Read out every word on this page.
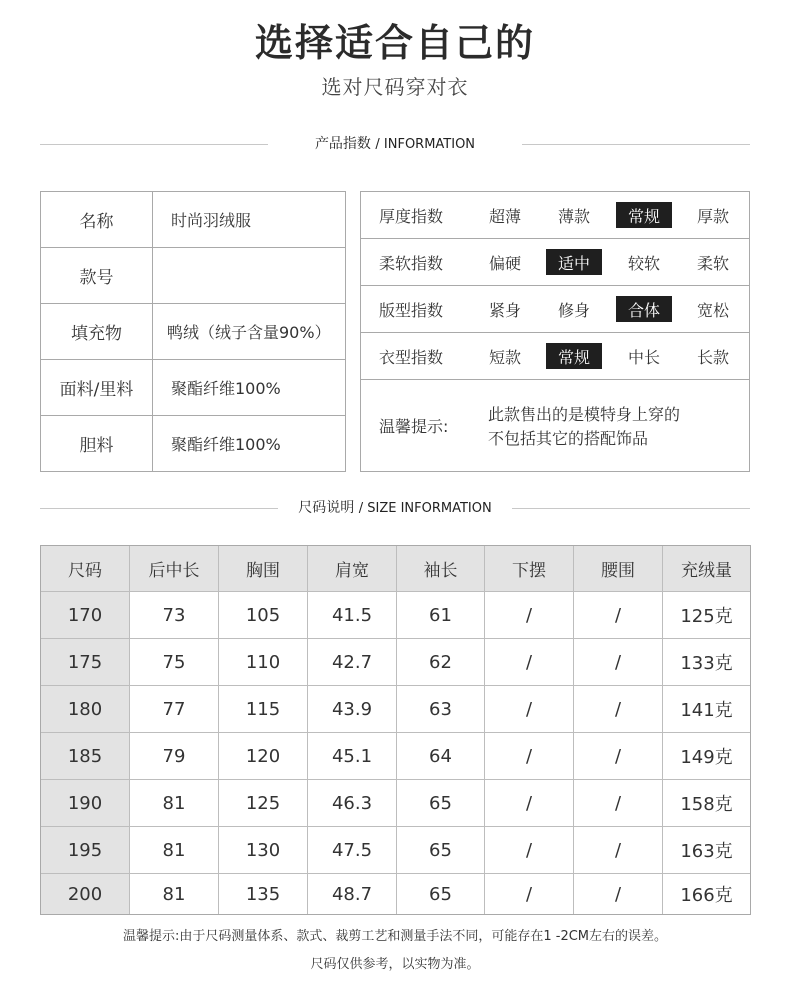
选择适合自己的
选对尺码穿对衣
产品指数 / INFORMATION
名称	时尚羽绒服
款号
填充物	鸭绒（绒子含量90%）
面料/里料	聚酯纤维100%
胆料	聚酯纤维100%
厚度指数	超薄	薄款	常规	厚款
柔软指数	偏硬	适中	较软	柔软
版型指数	紧身	修身	合体	宽松
衣型指数	短款	常规	中长	长款
温馨提示:
此款售出的是模特身上穿的
不包括其它的搭配饰品
尺码说明 / SIZE INFORMATION
尺码	后中长	胸围	肩宽	袖长	下摆	腰围	充绒量
170	73	105	41.5	61	/	/	125克
175	75	110	42.7	62	/	/	133克
180	77	115	43.9	63	/	/	141克
185	79	120	45.1	64	/	/	149克
190	81	125	46.3	65	/	/	158克
195	81	130	47.5	65	/	/	163克
200	81	135	48.7	65	/	/	166克
温馨提示:由于尺码测量体系、款式、裁剪工艺和测量手法不同，可能存在1 -2CM左右的误差。
尺码仅供参考，以实物为准。
